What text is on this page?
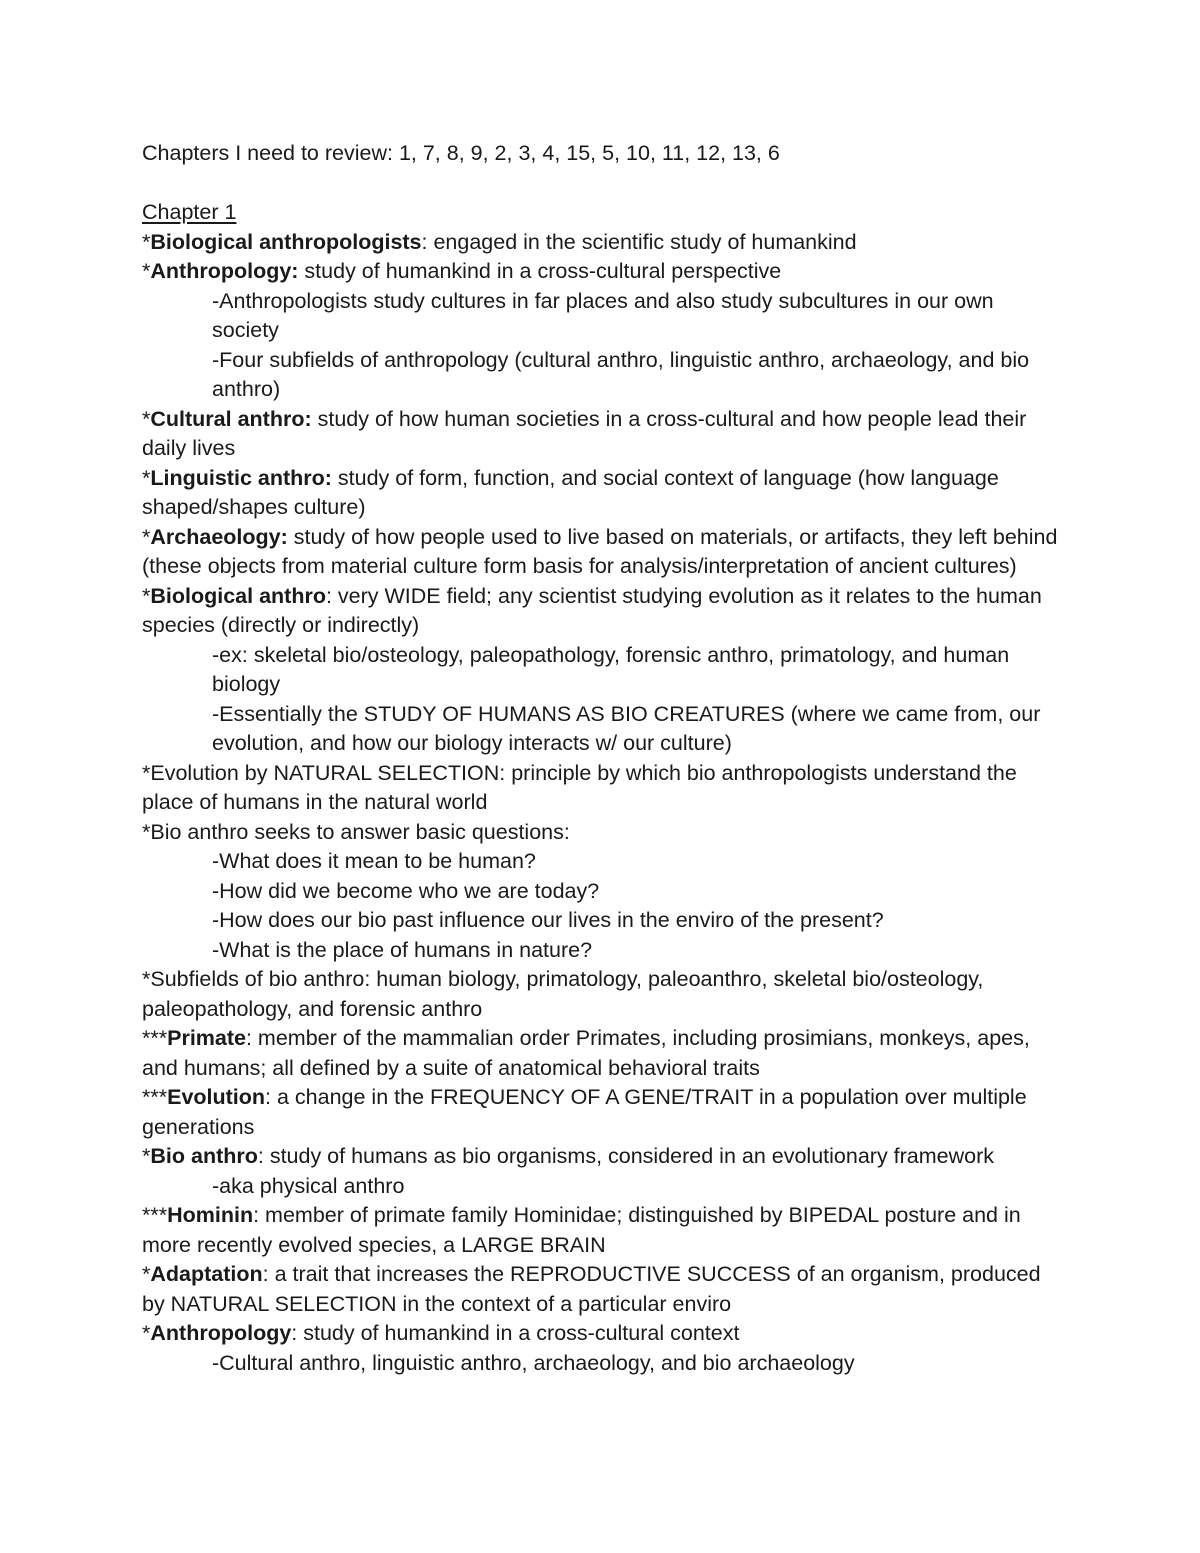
Chapters I need to review: 1, 7, 8, 9, 2, 3, 4, 15, 5, 10, 11, 12, 13, 6

Chapter 1

*Biological anthropologists: engaged in the scientific study of humankind

*Anthropology: study of humankind in a cross-cultural perspective

-Anthropologists study cultures in far places and also study subcultures in our own society

-Four subfields of anthropology (cultural anthro, linguistic anthro, archaeology, and bio anthro)

*Cultural anthro: study of how human societies in a cross-cultural and how people lead their daily lives

*Linguistic anthro: study of form, function, and social context of language (how language shaped/shapes culture)

*Archaeology: study of how people used to live based on materials, or artifacts, they left behind (these objects from material culture form basis for analysis/interpretation of ancient cultures)

*Biological anthro: very WIDE field; any scientist studying evolution as it relates to the human species (directly or indirectly)

-ex: skeletal bio/osteology, paleopathology, forensic anthro, primatology, and human biology

-Essentially the STUDY OF HUMANS AS BIO CREATURES (where we came from, our evolution, and how our biology interacts w/ our culture)

*Evolution by NATURAL SELECTION: principle by which bio anthropologists understand the place of humans in the natural world

*Bio anthro seeks to answer basic questions:

-What does it mean to be human?

-How did we become who we are today?

-How does our bio past influence our lives in the enviro of the present?

-What is the place of humans in nature?

*Subfields of bio anthro: human biology, primatology, paleoanthro, skeletal bio/osteology, paleopathology, and forensic anthro

***Primate: member of the mammalian order Primates, including prosimians, monkeys, apes, and humans; all defined by a suite of anatomical behavioral traits

***Evolution: a change in the FREQUENCY OF A GENE/TRAIT in a population over multiple generations

*Bio anthro: study of humans as bio organisms, considered in an evolutionary framework

-aka physical anthro

***Hominin: member of primate family Hominidae; distinguished by BIPEDAL posture and in more recently evolved species, a LARGE BRAIN

*Adaptation: a trait that increases the REPRODUCTIVE SUCCESS of an organism, produced by NATURAL SELECTION in the context of a particular enviro

*Anthropology: study of humankind in a cross-cultural context

-Cultural anthro, linguistic anthro, archaeology, and bio archaeology
